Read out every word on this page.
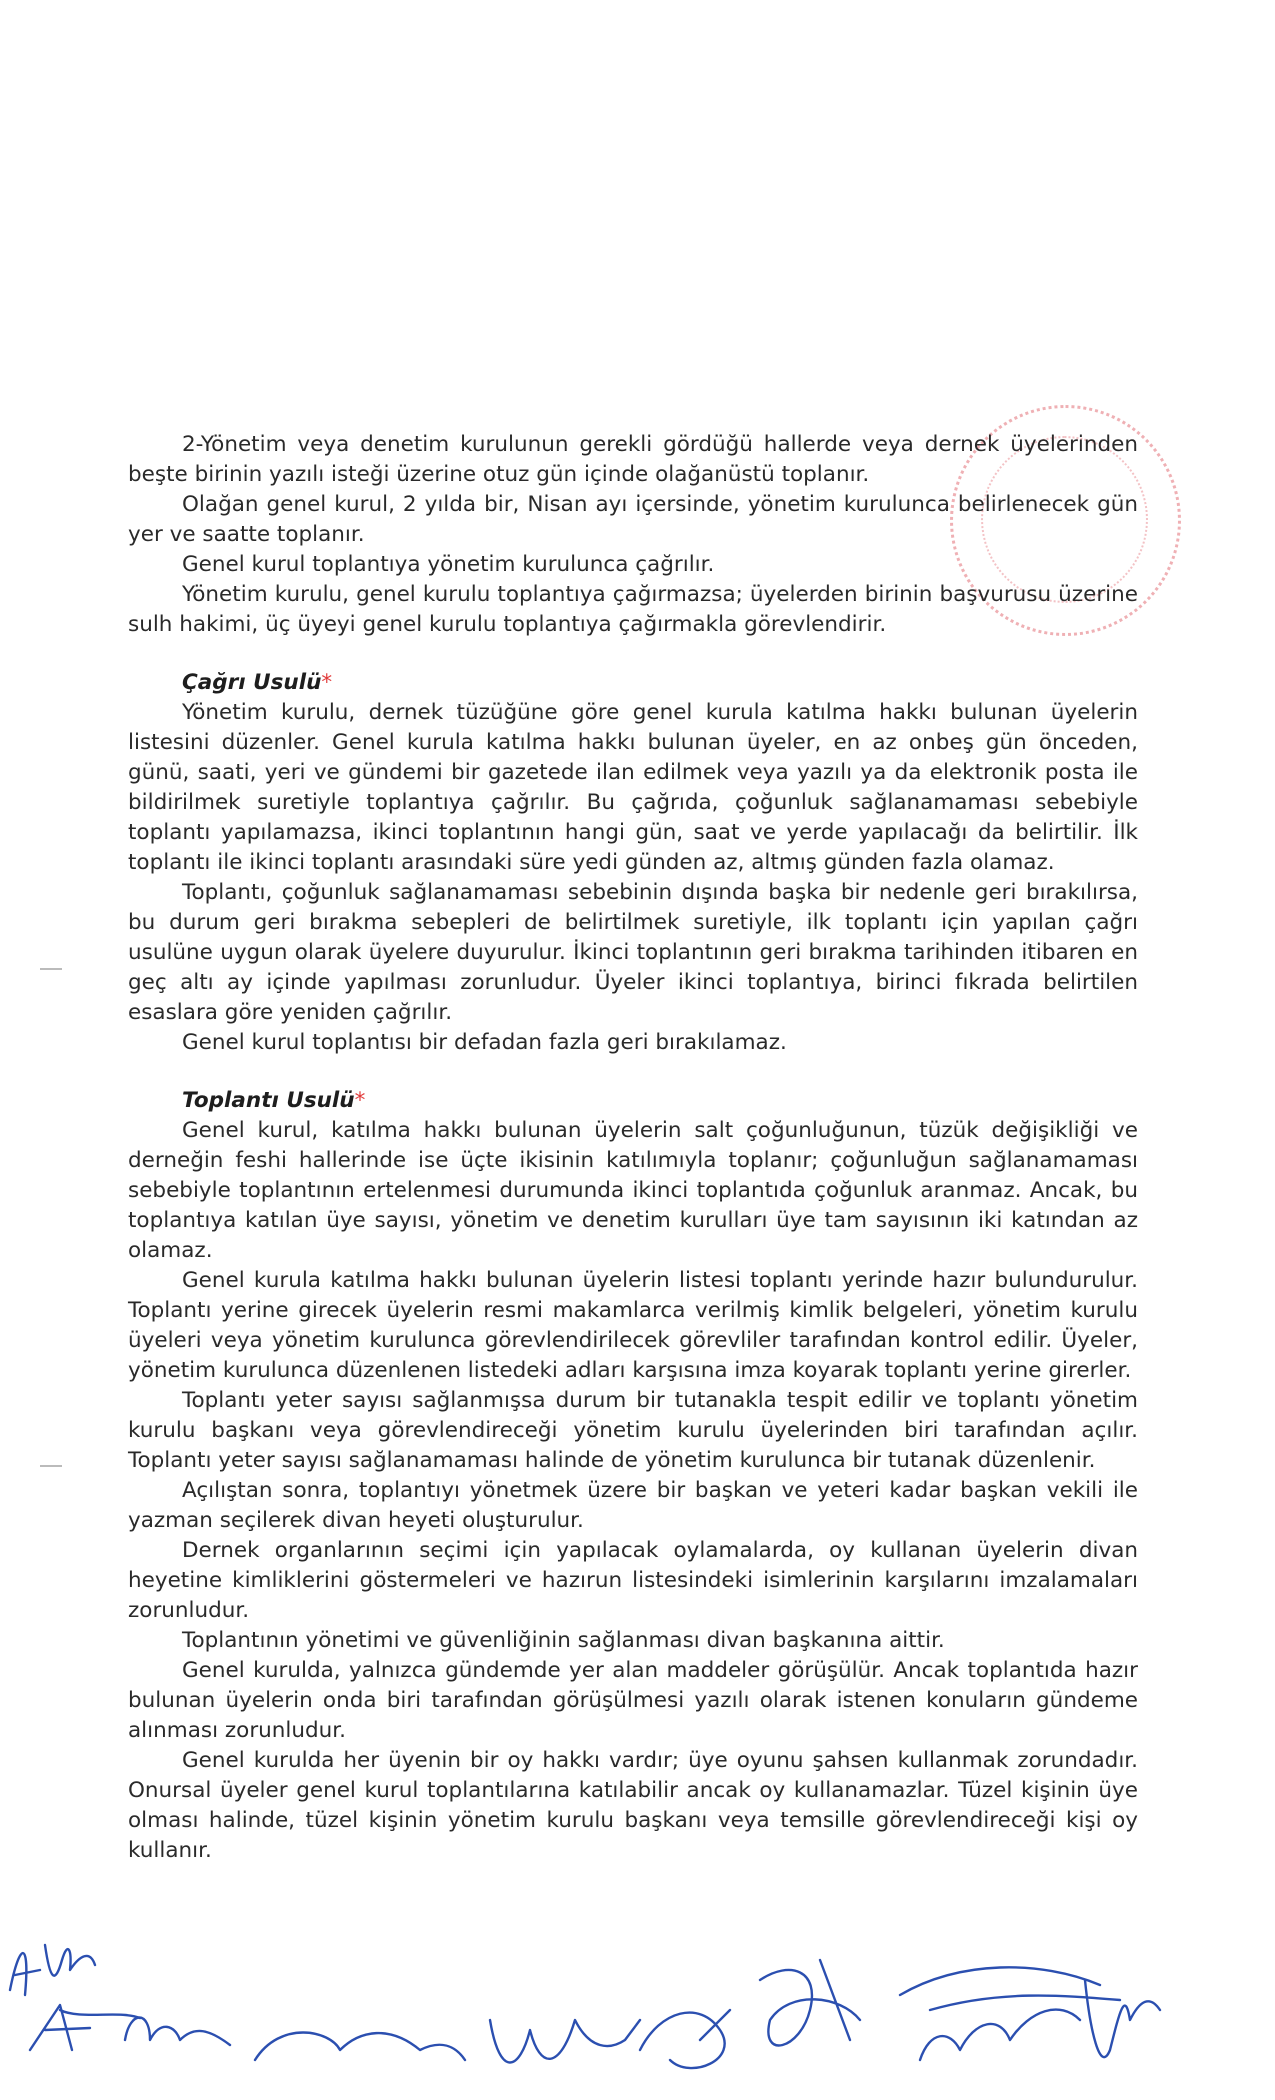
2-Yönetim veya denetim kurulunun gerekli gördüğü hallerde veya dernek üyelerinden beşte birinin yazılı isteği üzerine otuz gün içinde olağanüstü toplanır.

Olağan genel kurul, 2 yılda bir, Nisan ayı içersinde, yönetim kurulunca belirlenecek gün yer ve saatte toplanır.

Genel kurul toplantıya yönetim kurulunca çağrılır.

Yönetim kurulu, genel kurulu toplantıya çağırmazsa; üyelerden birinin başvurusu üzerine sulh hakimi, üç üyeyi genel kurulu toplantıya çağırmakla görevlendirir.

Çağrı Usulü*

Yönetim kurulu, dernek tüzüğüne göre genel kurula katılma hakkı bulunan üyelerin listesini düzenler. Genel kurula katılma hakkı bulunan üyeler, en az onbeş gün önceden, günü, saati, yeri ve gündemi bir gazetede ilan edilmek veya yazılı ya da elektronik posta ile bildirilmek suretiyle toplantıya çağrılır. Bu çağrıda, çoğunluk sağlanamaması sebebiyle toplantı yapılamazsa, ikinci toplantının hangi gün, saat ve yerde yapılacağı da belirtilir. İlk toplantı ile ikinci toplantı arasındaki süre yedi günden az, altmış günden fazla olamaz.

Toplantı, çoğunluk sağlanamaması sebebinin dışında başka bir nedenle geri bırakılırsa, bu durum geri bırakma sebepleri de belirtilmek suretiyle, ilk toplantı için yapılan çağrı usulüne uygun olarak üyelere duyurulur. İkinci toplantının geri bırakma tarihinden itibaren en geç altı ay içinde yapılması zorunludur. Üyeler ikinci toplantıya, birinci fıkrada belirtilen esaslara göre yeniden çağrılır.

Genel kurul toplantısı bir defadan fazla geri bırakılamaz.

Toplantı Usulü*

Genel kurul, katılma hakkı bulunan üyelerin salt çoğunluğunun, tüzük değişikliği ve derneğin feshi hallerinde ise üçte ikisinin katılımıyla toplanır; çoğunluğun sağlanamaması sebebiyle toplantının ertelenmesi durumunda ikinci toplantıda çoğunluk aranmaz. Ancak, bu toplantıya katılan üye sayısı, yönetim ve denetim kurulları üye tam sayısının iki katından az olamaz.

Genel kurula katılma hakkı bulunan üyelerin listesi toplantı yerinde hazır bulundurulur. Toplantı yerine girecek üyelerin resmi makamlarca verilmiş kimlik belgeleri, yönetim kurulu üyeleri veya yönetim kurulunca görevlendirilecek görevliler tarafından kontrol edilir. Üyeler, yönetim kurulunca düzenlenen listedeki adları karşısına imza koyarak toplantı yerine girerler.

Toplantı yeter sayısı sağlanmışsa durum bir tutanakla tespit edilir ve toplantı yönetim kurulu başkanı veya görevlendireceği yönetim kurulu üyelerinden biri tarafından açılır. Toplantı yeter sayısı sağlanamaması halinde de yönetim kurulunca bir tutanak düzenlenir.

Açılıştan sonra, toplantıyı yönetmek üzere bir başkan ve yeteri kadar başkan vekili ile yazman seçilerek divan heyeti oluşturulur.

Dernek organlarının seçimi için yapılacak oylamalarda, oy kullanan üyelerin divan heyetine kimliklerini göstermeleri ve hazırun listesindeki isimlerinin karşılarını imzalamaları zorunludur.

Toplantının yönetimi ve güvenliğinin sağlanması divan başkanına aittir.

Genel kurulda, yalnızca gündemde yer alan maddeler görüşülür. Ancak toplantıda hazır bulunan üyelerin onda biri tarafından görüşülmesi yazılı olarak istenen konuların gündeme alınması zorunludur.

Genel kurulda her üyenin bir oy hakkı vardır; üye oyunu şahsen kullanmak zorundadır. Onursal üyeler genel kurul toplantılarına katılabilir ancak oy kullanamazlar. Tüzel kişinin üye olması halinde, tüzel kişinin yönetim kurulu başkanı veya temsille görevlendireceği kişi oy kullanır.
